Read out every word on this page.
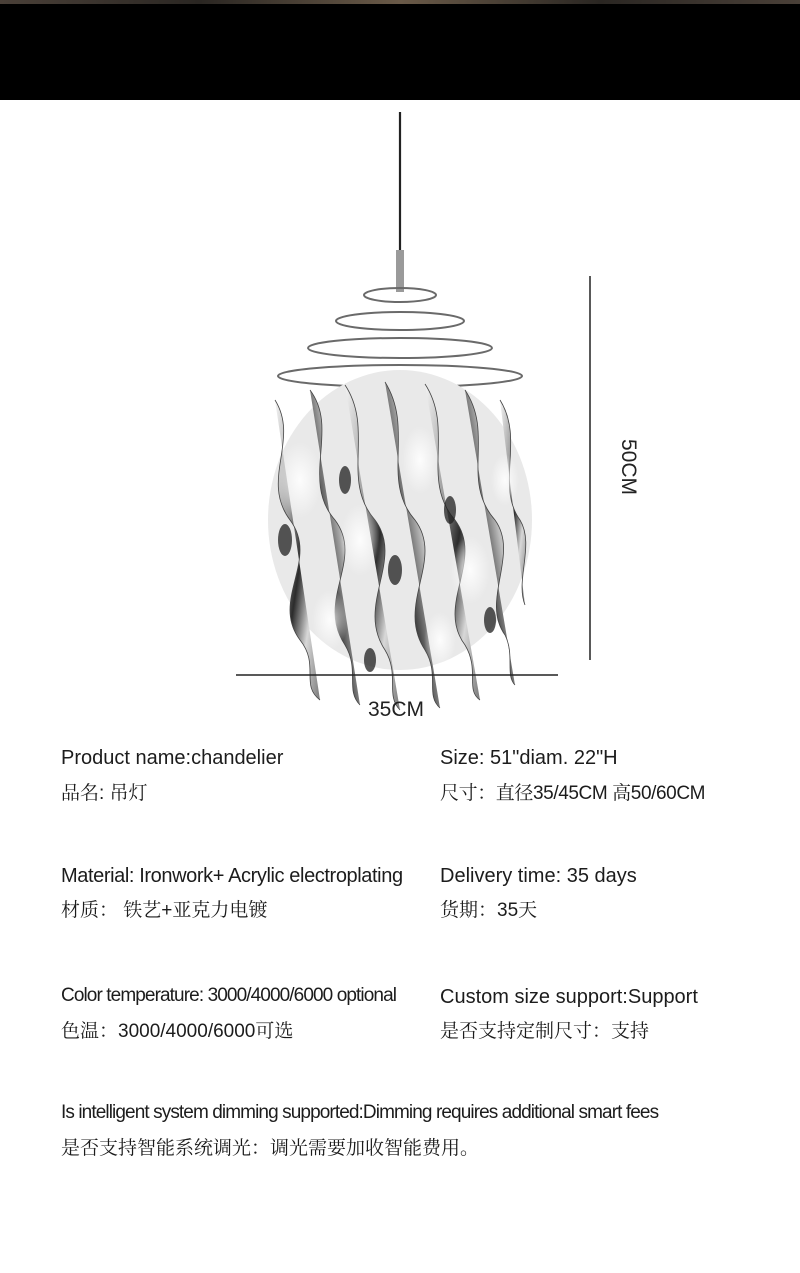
35CM
50CM
Product name:chandelier
品名: 吊灯
Size: 51"diam. 22"H
尺寸：直径35/45CM 高50/60CM
Material: Ironwork+ Acrylic electroplating
材质： 铁艺+亚克力电镀
Delivery time: 35 days
货期：35天
Color temperature: 3000/4000/6000 optional
色温：3000/4000/6000可选
Custom size support:Support
是否支持定制尺寸：支持
Is intelligent system dimming supported:Dimming requires additional smart fees
是否支持智能系统调光：调光需要加收智能费用。
